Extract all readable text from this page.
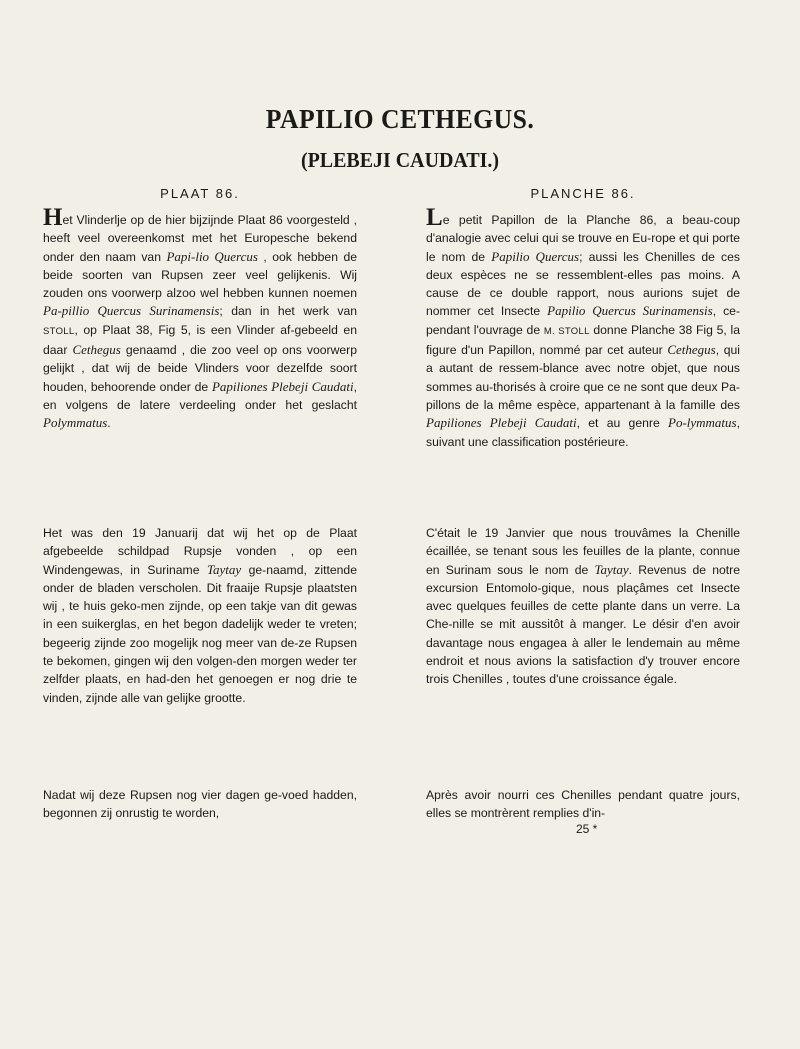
PAPILIO CETHEGUS.
(PLEBEJI CAUDATI.)
PLAAT 86.

Het Vlinderlje op de hier bijzijnde Plaat 86 voorgesteld , heeft veel overeenkomst met het Europesche bekend onder den naam van Papi-lio Quercus , ook hebben de beide soorten van Rupsen zeer veel gelijkenis. Wij zouden ons voorwerp alzoo wel hebben kunnen noemen Pa-pillio Quercus Surinamensis; dan in het werk van STOLL, op Plaat 38, Fig 5, is een Vlinder af-gebeeld en daar Cethegus genaamd , die zoo veel op ons voorwerp gelijkt , dat wij de beide Vlinders voor dezelfde soort houden, behoorende onder de Papiliones Plebeji Caudati, en volgens de latere verdeeling onder het geslacht Polymmatus.

Het was den 19 Januarij dat wij het op de Plaat afgebeelde schildpad Rupsje vonden , op een Windengewas, in Suriname Taytay ge-naamd, zittende onder de bladen verscholen. Dit fraaije Rupsje plaatsten wij , te huis geko-men zijnde, op een takje van dit gewas in een suikerglas, en het begon dadelijk weder te vreten; begeerig zijnde zoo mogelijk nog meer van de-ze Rupsen te bekomen, gingen wij den volgen-den morgen weder ter zelfder plaats, en had-den het genoegen er nog drie te vinden, zijnde alle van gelijke grootte.

Nadat wij deze Rupsen nog vier dagen ge-voed hadden, begonnen zij onrustig te worden,

PLANCHE 86.

Le petit Papillon de la Planche 86, a beau-coup d'analogie avec celui qui se trouve en Eu-rope et qui porte le nom de Papilio Quercus; aussi les Chenilles de ces deux espèces ne se ressemblent-elles pas moins. A cause de ce double rapport, nous aurions sujet de nommer cet Insecte Papilio Quercus Surinamensis, ce-pendant l'ouvrage de M. STOLL donne Planche 38 Fig 5, la figure d'un Papillon, nommé par cet auteur Cethegus, qui a autant de ressem-blance avec notre objet, que nous sommes au-thorisés à croire que ce ne sont que deux Pa-pillons de la même espèce, appartenant à la famille des Papiliones Plebeji Caudati, et au genre Po-lymmatus, suivant une classification postérieure.

C'était le 19 Janvier que nous trouvâmes la Chenille écaillée, se tenant sous les feuilles de la plante, connue en Surinam sous le nom de Taytay. Revenus de notre excursion Entomolo-gique, nous plaçâmes cet Insecte avec quelques feuilles de cette plante dans un verre. La Che-nille se mit aussitôt à manger. Le désir d'en avoir davantage nous engagea à aller le lendemain au même endroit et nous avions la satisfaction d'y trouver encore trois Chenilles , toutes d'une croissance égale.

Après avoir nourri ces Chenilles pendant quatre jours, elles se montrèrent remplies d'in-

25 *
